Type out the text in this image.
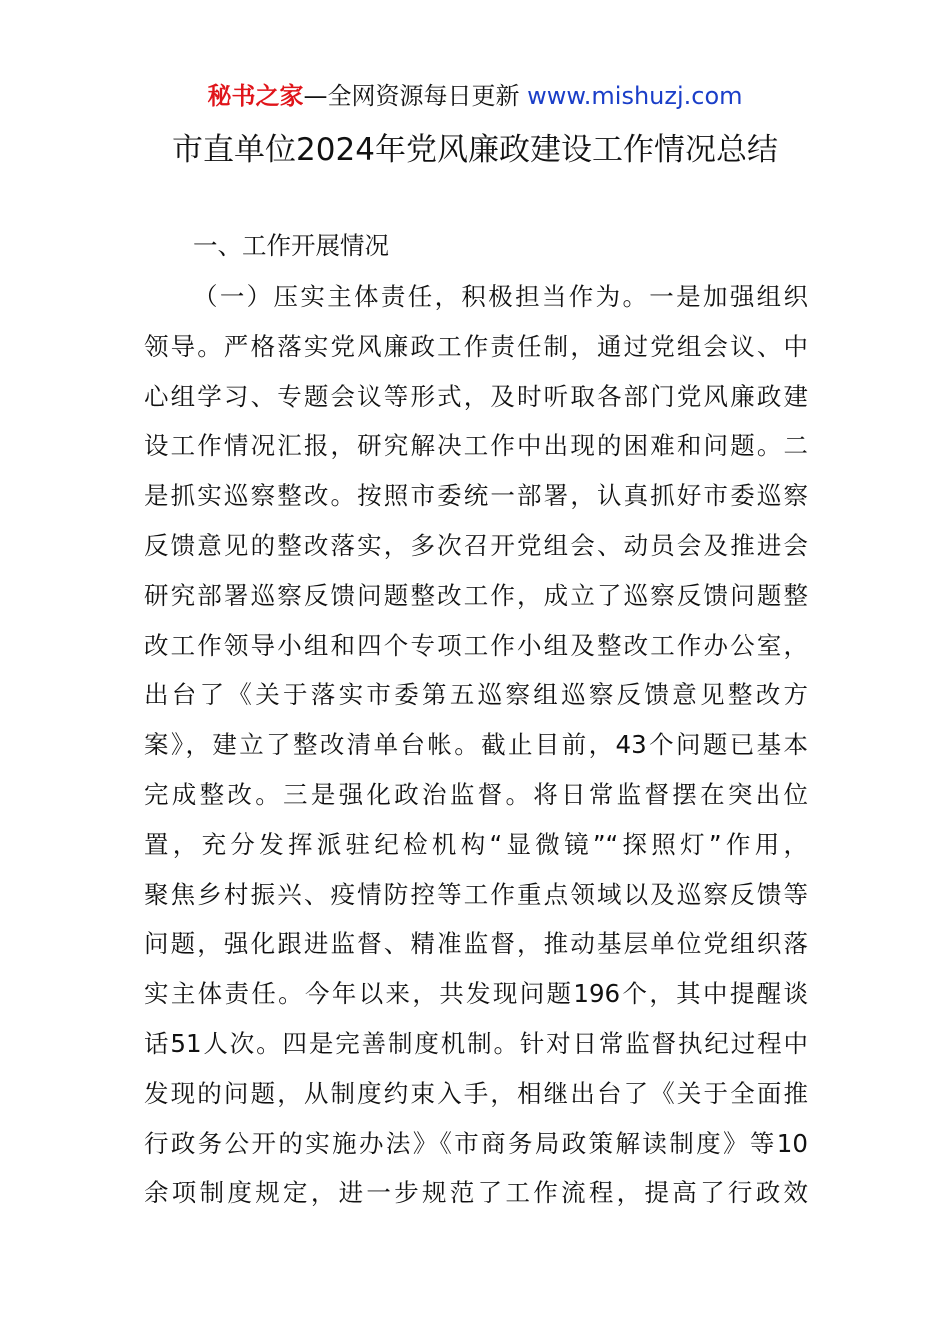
秘书之家—全网资源每日更新 www.mishuzj.com
市直单位2024年党风廉政建设工作情况总结
一、工作开展情况
（一）压实主体责任，积极担当作为。一是加强组织
领导。严格落实党风廉政工作责任制，通过党组会议、中
心组学习、专题会议等形式，及时听取各部门党风廉政建
设工作情况汇报，研究解决工作中出现的困难和问题。二
是抓实巡察整改。按照市委统一部署，认真抓好市委巡察
反馈意见的整改落实，多次召开党组会、动员会及推进会
研究部署巡察反馈问题整改工作，成立了巡察反馈问题整
改工作领导小组和四个专项工作小组及整改工作办公室，
出台了《关于落实市委第五巡察组巡察反馈意见整改方
案》，建立了整改清单台帐。截止目前，43个问题已基本
完成整改。三是强化政治监督。将日常监督摆在突出位
置，充分发挥派驻纪检机构“显微镜”“探照灯”作用，
聚焦乡村振兴、疫情防控等工作重点领域以及巡察反馈等
问题，强化跟进监督、精准监督，推动基层单位党组织落
实主体责任。今年以来，共发现问题196个，其中提醒谈
话51人次。四是完善制度机制。针对日常监督执纪过程中
发现的问题，从制度约束入手，相继出台了《关于全面推
行政务公开的实施办法》《市商务局政策解读制度》等10
余项制度规定，进一步规范了工作流程，提高了行政效
